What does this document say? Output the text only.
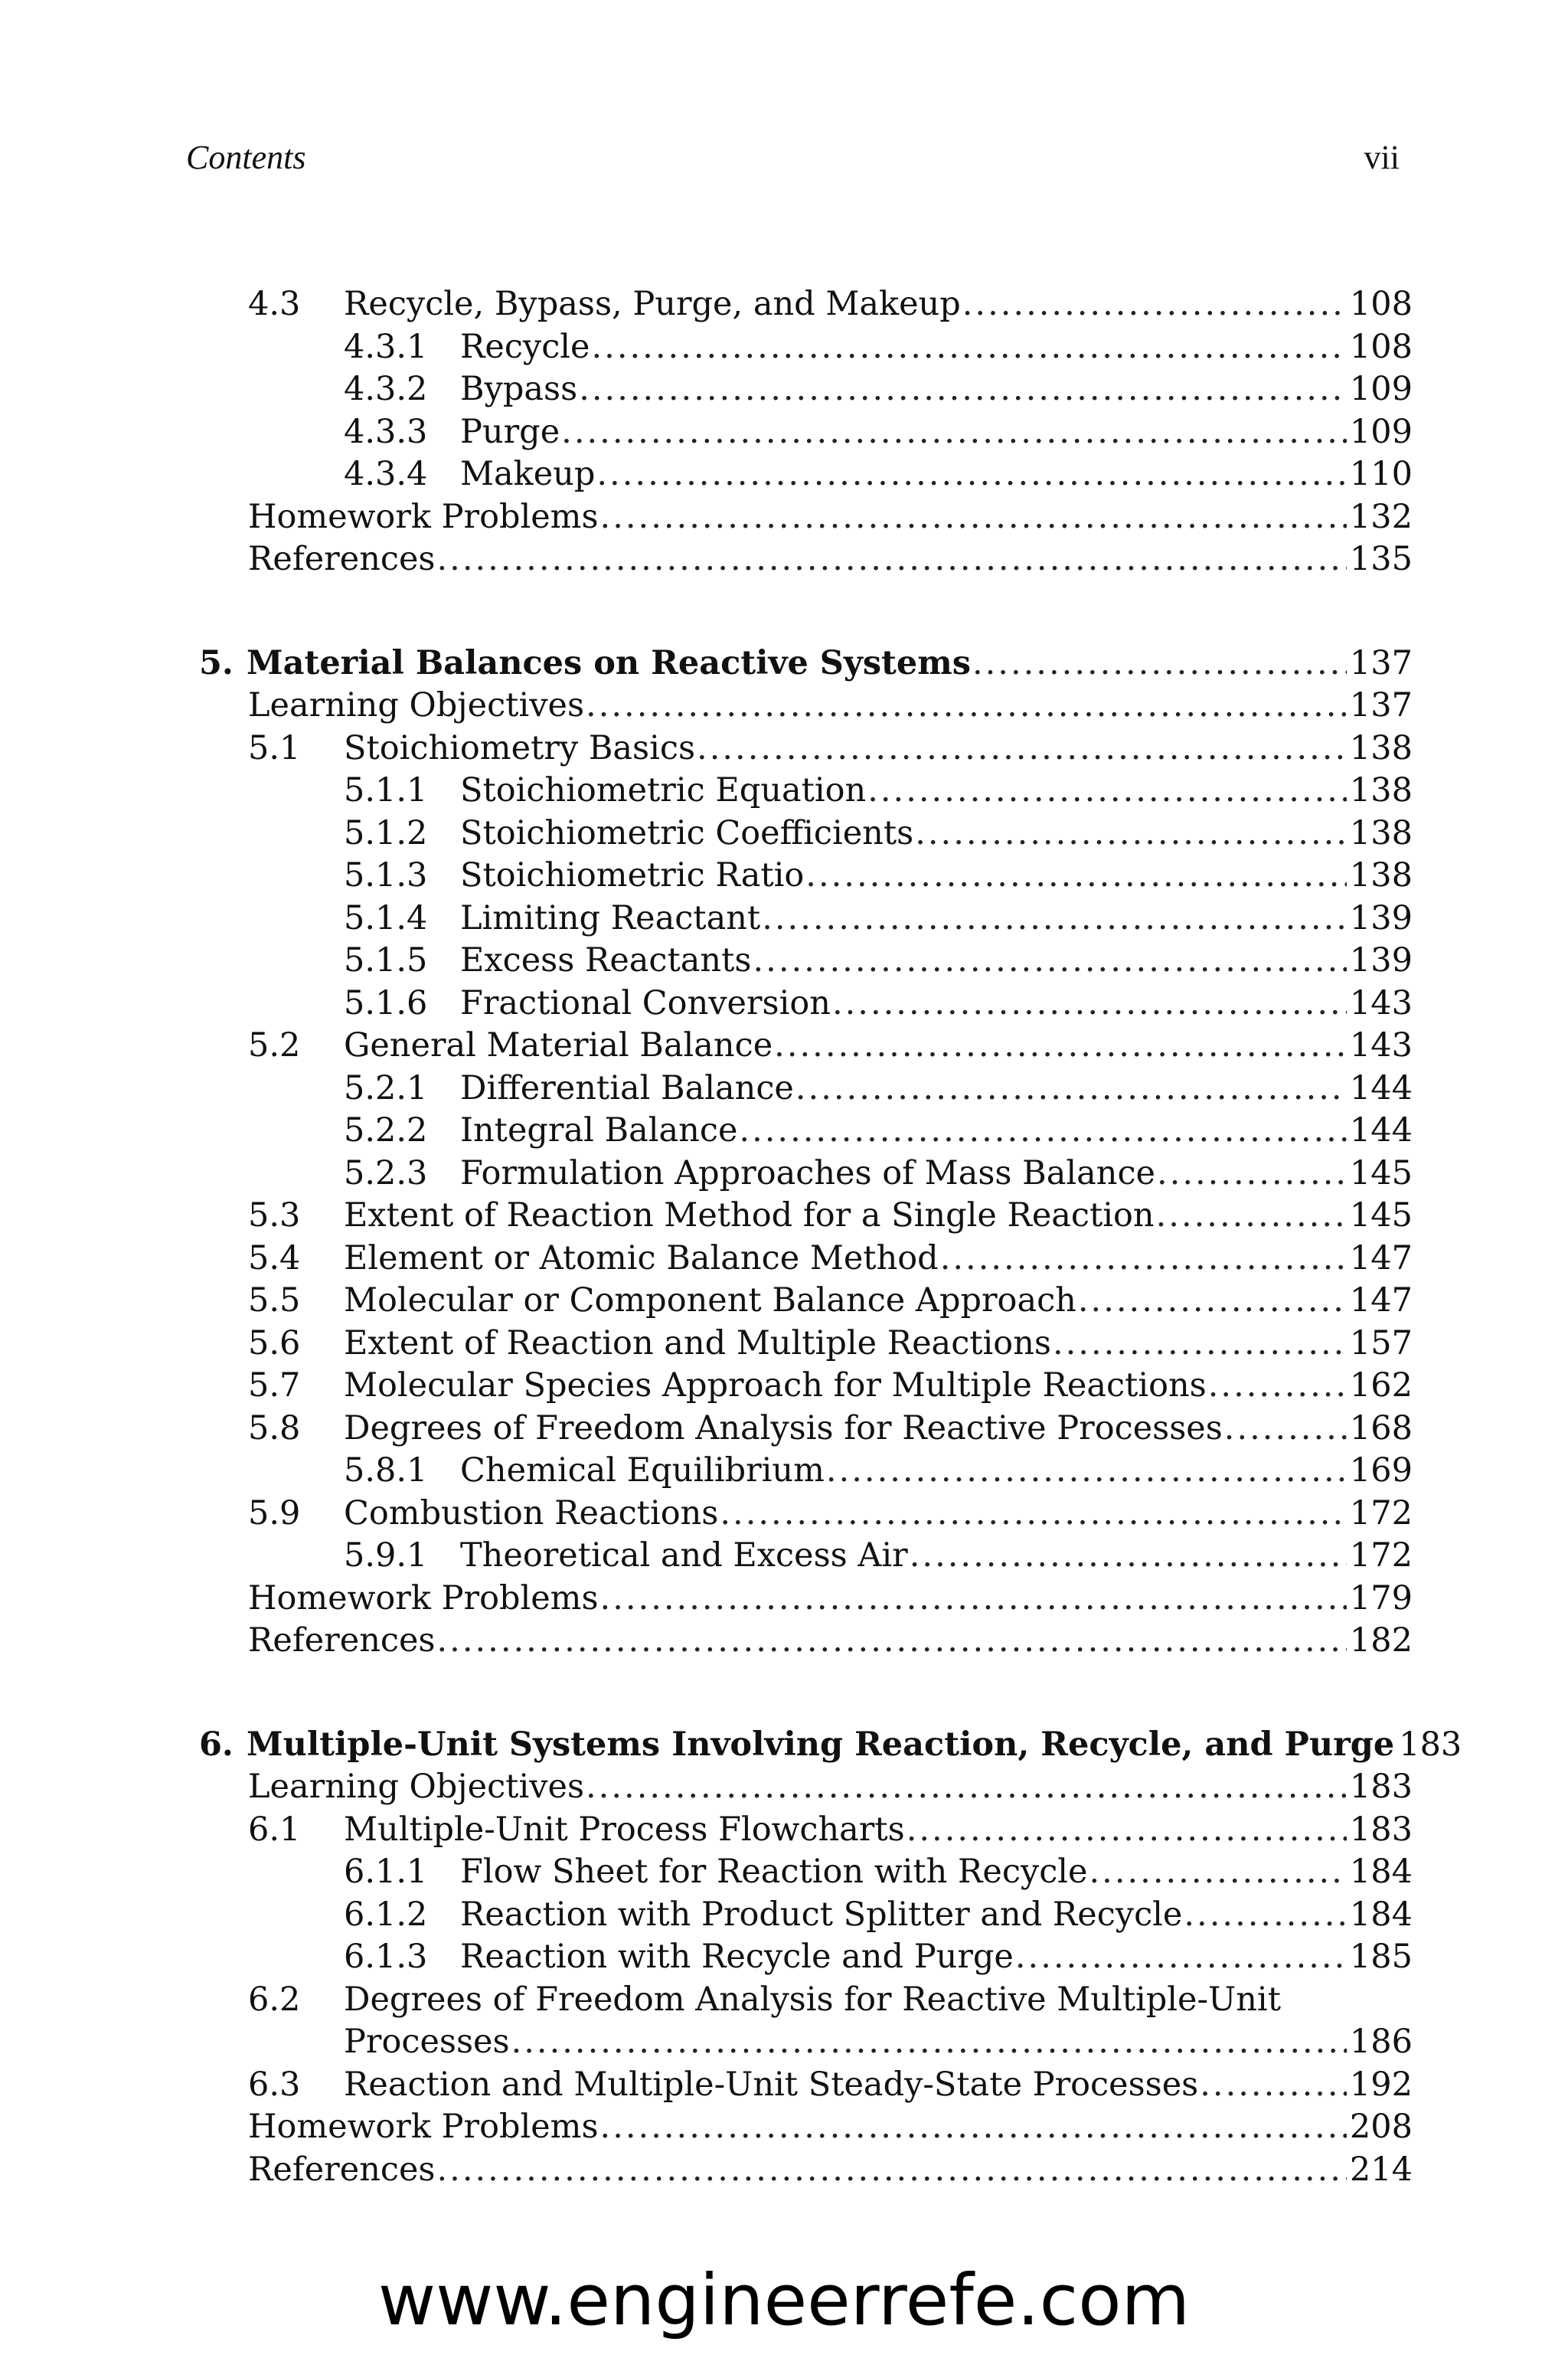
Contents	vii
4.3 Recycle, Bypass, Purge, and Makeup .....	108
4.3.1 Recycle .....	108
4.3.2 Bypass .....	109
4.3.3 Purge .....	109
4.3.4 Makeup .....	110
Homework Problems .....	132
References .....	135
5. Material Balances on Reactive Systems .....	137
Learning Objectives .....	137
5.1 Stoichiometry Basics .....	138
5.1.1 Stoichiometric Equation .....	138
5.1.2 Stoichiometric Coefficients .....	138
5.1.3 Stoichiometric Ratio .....	138
5.1.4 Limiting Reactant .....	139
5.1.5 Excess Reactants .....	139
5.1.6 Fractional Conversion .....	143
5.2 General Material Balance .....	143
5.2.1 Differential Balance .....	144
5.2.2 Integral Balance .....	144
5.2.3 Formulation Approaches of Mass Balance .....	145
5.3 Extent of Reaction Method for a Single Reaction .....	145
5.4 Element or Atomic Balance Method .....	147
5.5 Molecular or Component Balance Approach .....	147
5.6 Extent of Reaction and Multiple Reactions .....	157
5.7 Molecular Species Approach for Multiple Reactions .....	162
5.8 Degrees of Freedom Analysis for Reactive Processes .....	168
5.8.1 Chemical Equilibrium .....	169
5.9 Combustion Reactions .....	172
5.9.1 Theoretical and Excess Air .....	172
Homework Problems .....	179
References .....	182
6. Multiple-Unit Systems Involving Reaction, Recycle, and Purge 183
Learning Objectives .....	183
6.1 Multiple-Unit Process Flowcharts .....	183
6.1.1 Flow Sheet for Reaction with Recycle .....	184
6.1.2 Reaction with Product Splitter and Recycle .....	184
6.1.3 Reaction with Recycle and Purge .....	185
6.2 Degrees of Freedom Analysis for Reactive Multiple-Unit
Processes .....	186
6.3 Reaction and Multiple-Unit Steady-State Processes .....	192
Homework Problems .....	208
References .....	214
www.engineerrefe.com
